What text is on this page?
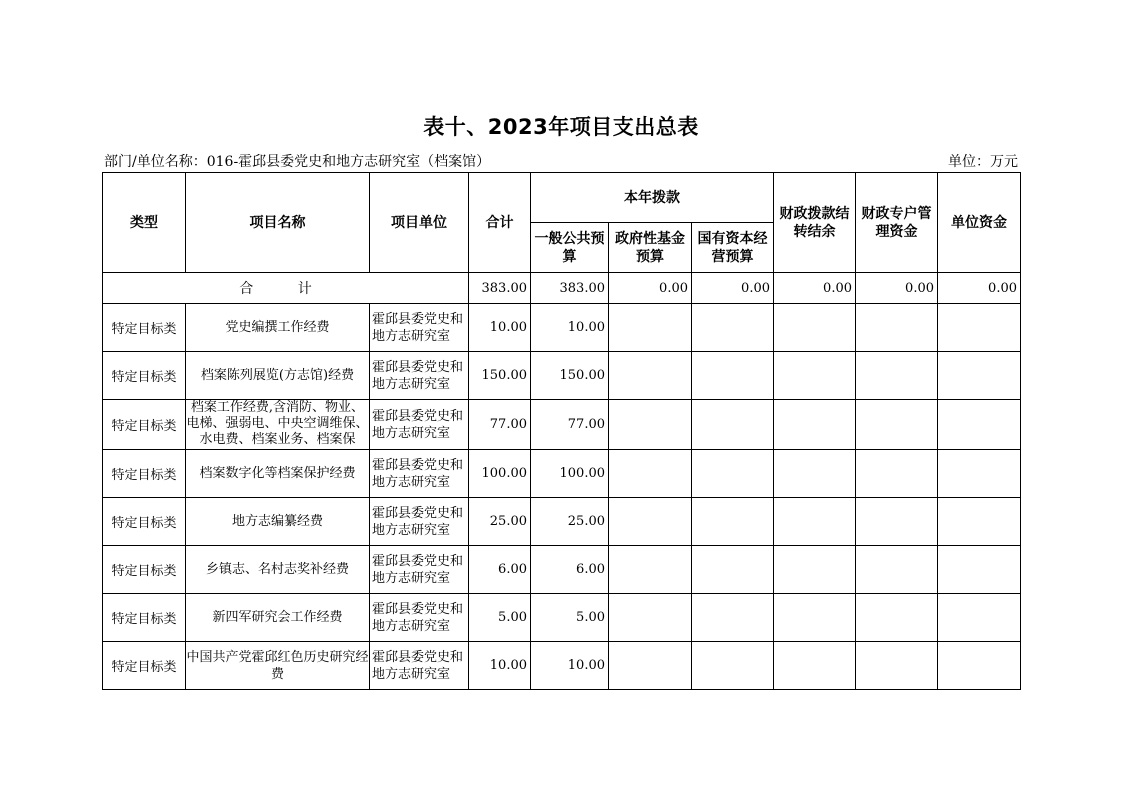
表十、2023年项目支出总表
部门/单位名称：016-霍邱县委党史和地方志研究室（档案馆）	单位：万元
类型	项目名称	项目单位	合计	本年拨款			财政拨款结转结余	财政专户管理资金	单位资金
				一般公共预算	政府性基金预算	国有资本经营预算			
合 计			383.00	383.00	0.00	0.00	0.00	0.00	0.00
特定目标类	党史编撰工作经费	霍邱县委党史和地方志研究室	10.00	10.00					
特定目标类	档案陈列展览(方志馆)经费	霍邱县委党史和地方志研究室	150.00	150.00					
特定目标类	档案工作经费,含消防、物业、电梯、强弱电、中央空调维保、水电费、档案业务、档案保	霍邱县委党史和地方志研究室	77.00	77.00					
特定目标类	档案数字化等档案保护经费	霍邱县委党史和地方志研究室	100.00	100.00					
特定目标类	地方志编纂经费	霍邱县委党史和地方志研究室	25.00	25.00					
特定目标类	乡镇志、名村志奖补经费	霍邱县委党史和地方志研究室	6.00	6.00					
特定目标类	新四军研究会工作经费	霍邱县委党史和地方志研究室	5.00	5.00					
特定目标类	中国共产党霍邱红色历史研究经费	霍邱县委党史和地方志研究室	10.00	10.00					
